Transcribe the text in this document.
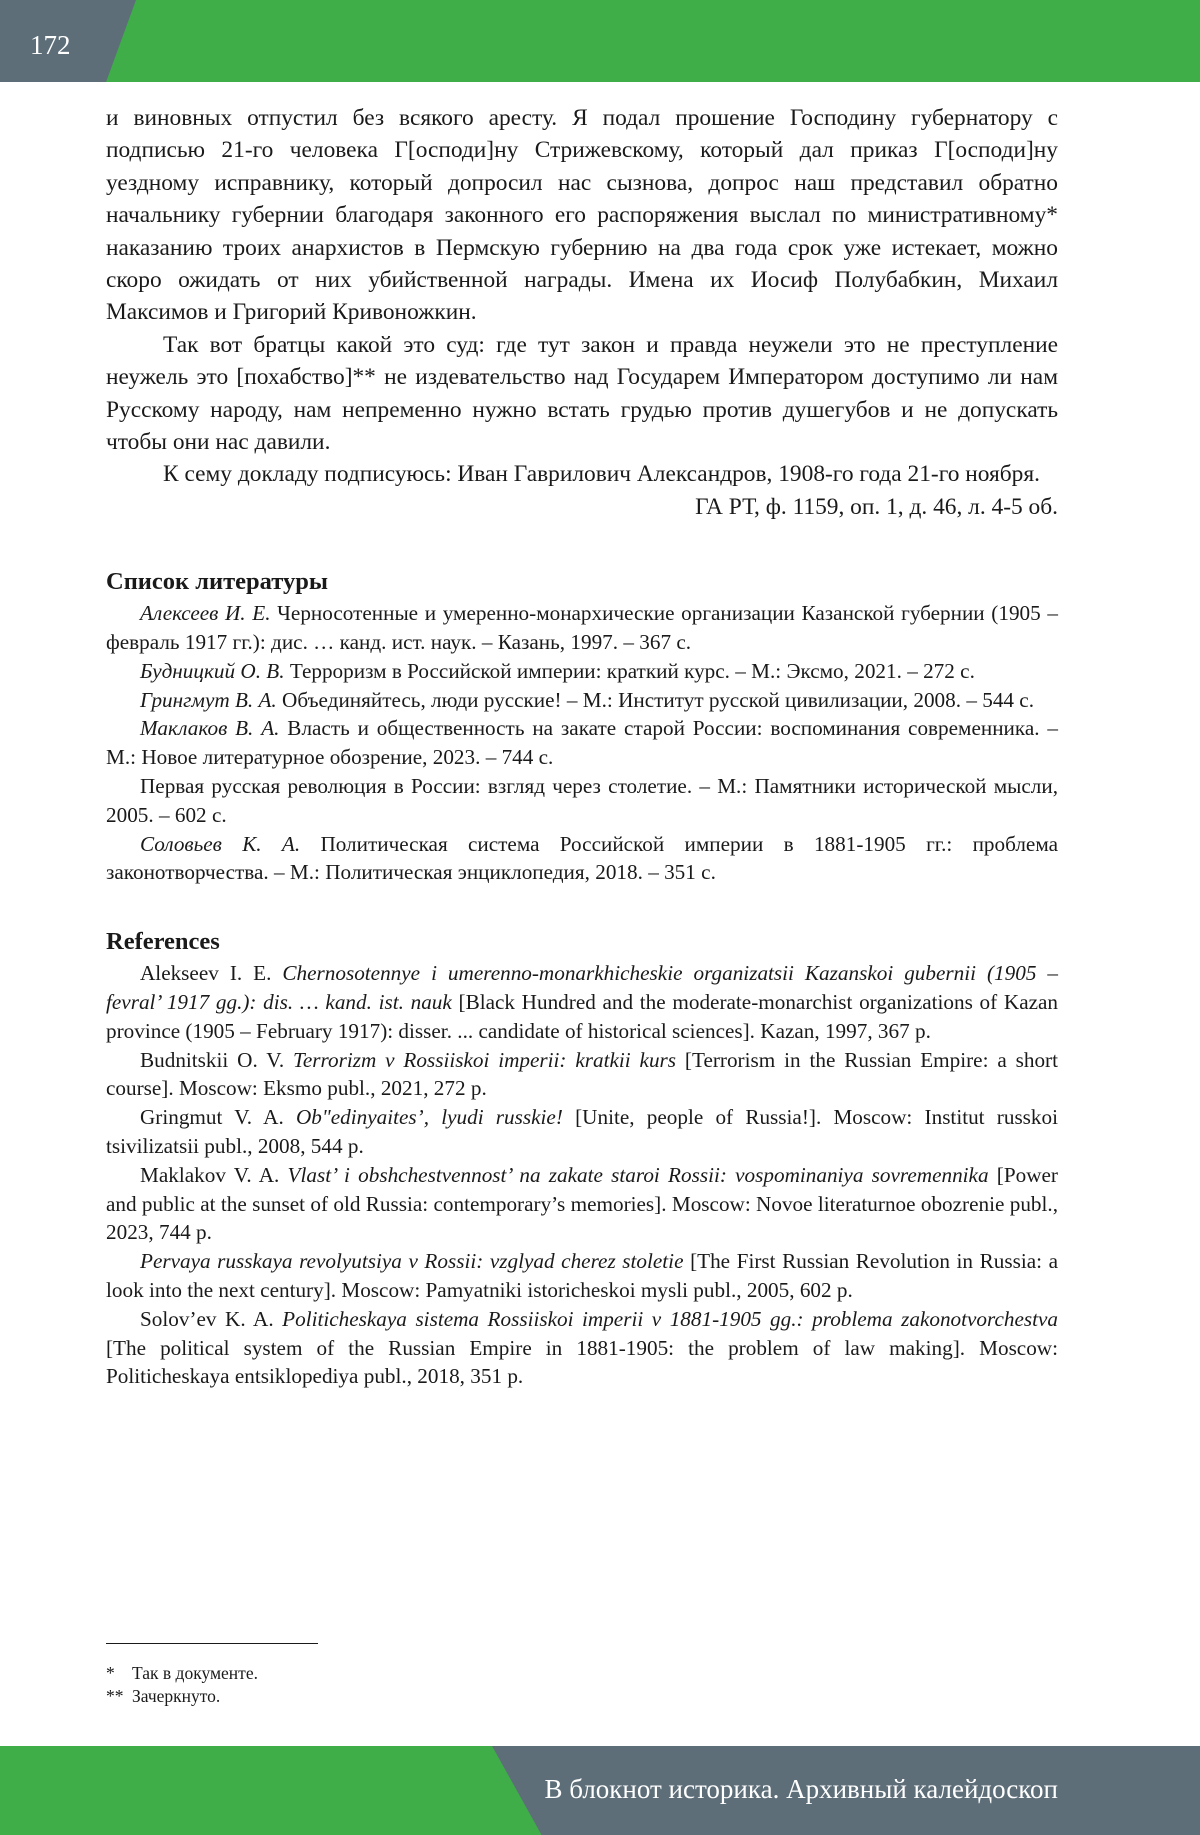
172

и виновных отпустил без всякого аресту. Я подал прошение Господину губернатору с подписью 21-го человека Г[осподи]ну Стрижевскому, который дал приказ Г[осподи]ну уездному исправнику, который допросил нас сызнова, допрос наш представил обратно начальнику губернии благодаря законного его распоряжения выслал по министративному* наказанию троих анархистов в Пермскую губернию на два года срок уже истекает, можно скоро ожидать от них убийственной награды. Имена их Иосиф Полубабкин, Михаил Максимов и Григорий Кривоножкин.

Так вот братцы какой это суд: где тут закон и правда неужели это не преступление неужель это [похабство]** не издевательство над Государем Императором доступимо ли нам Русскому народу, нам непременно нужно встать грудью против душегубов и не допускать чтобы они нас давили.

К сему докладу подписуюсь: Иван Гаврилович Александров, 1908-го года 21-го ноября.

ГА РТ, ф. 1159, оп. 1, д. 46, л. 4-5 об.

Список литературы

Алексеев И. Е. Черносотенные и умеренно-монархические организации Казанской губернии (1905 – февраль 1917 гг.): дис. … канд. ист. наук. – Казань, 1997. – 367 с.

Будницкий О. В. Терроризм в Российской империи: краткий курс. – М.: Эксмо, 2021. – 272 с.

Грингмут В. А. Объединяйтесь, люди русские! – М.: Институт русской цивилизации, 2008. – 544 с.

Маклаков В. А. Власть и общественность на закате старой России: воспоминания современника. – М.: Новое литературное обозрение, 2023. – 744 с.

Первая русская революция в России: взгляд через столетие. – М.: Памятники исторической мысли, 2005. – 602 с.

Соловьев К. А. Политическая система Российской империи в 1881-1905 гг.: проблема законотворчества. – М.: Политическая энциклопедия, 2018. – 351 с.

References

Alekseev I. E. Chernosotennye i umerenno-monarkhicheskie organizatsii Kazanskoi gubernii (1905 – fevral’ 1917 gg.): dis. … kand. ist. nauk [Black Hundred and the moderate-monarchist organizations of Kazan province (1905 – February 1917): disser. ... candidate of historical sciences]. Kazan, 1997, 367 p.

Budnitskii O. V. Terrorizm v Rossiiskoi imperii: kratkii kurs [Terrorism in the Russian Empire: a short course]. Moscow: Eksmo publ., 2021, 272 p.

Gringmut V. A. Ob"edinyaites’, lyudi russkie! [Unite, people of Russia!]. Moscow: Institut russkoi tsivilizatsii publ., 2008, 544 p.

Maklakov V. A. Vlast’ i obshchestvennost’ na zakate staroi Rossii: vospominaniya sovremennika [Power and public at the sunset of old Russia: contemporary’s memories]. Moscow: Novoe literaturnoe obozrenie publ., 2023, 744 p.

Pervaya russkaya revolyutsiya v Rossii: vzglyad cherez stoletie [The First Russian Revolution in Russia: a look into the next century]. Moscow: Pamyatniki istoricheskoi mysli publ., 2005, 602 p.

Solov’ev K. A. Politicheskaya sistema Rossiiskoi imperii v 1881-1905 gg.: problema zakonotvorchestva [The political system of the Russian Empire in 1881-1905: the problem of law making]. Moscow: Politicheskaya entsiklopediya publ., 2018, 351 p.

* Так в документе.

** Зачеркнуто.

В блокнот историка. Архивный калейдоскоп
